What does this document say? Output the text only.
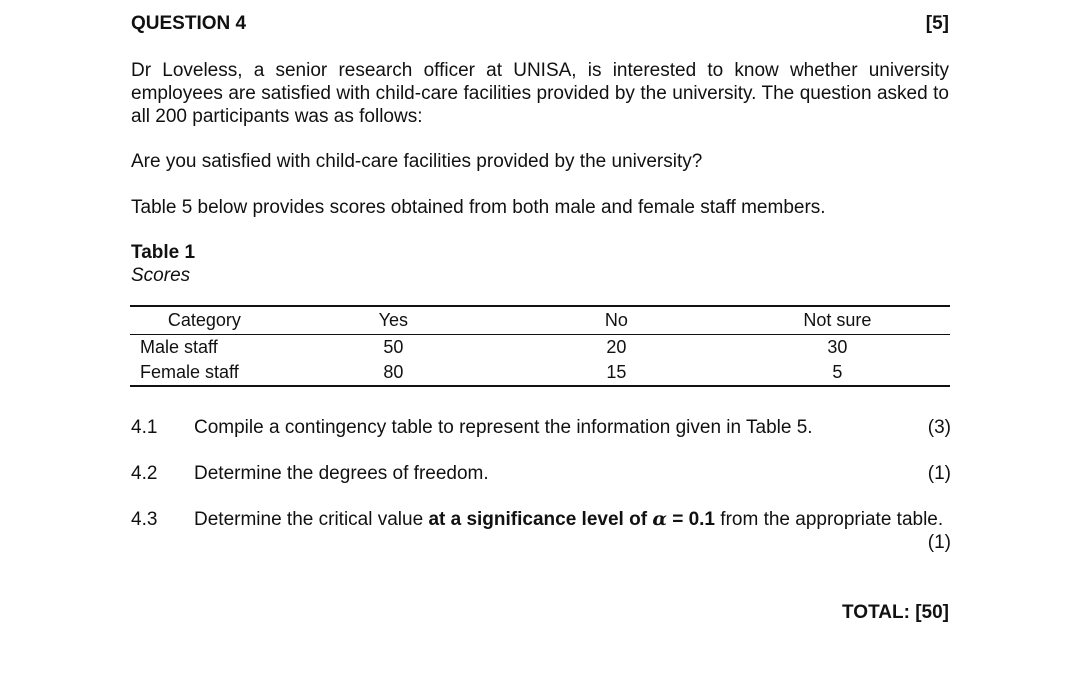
QUESTION 4	[5]
Dr Loveless, a senior research officer at UNISA, is interested to know whether university employees are satisfied with child-care facilities provided by the university. The question asked to all 200 participants was as follows:
Are you satisfied with child-care facilities provided by the university?
Table 5 below provides scores obtained from both male and female staff members.
Table 1
Scores
Category	Yes	No	Not sure
Male staff	50	20	30
Female staff	80	15	5
4.1 Compile a contingency table to represent the information given in Table 5.	(3)
4.2 Determine the degrees of freedom.	(1)
4.3 Determine the critical value at a significance level of α = 0.1 from the appropriate table.
(1)
TOTAL: [50]
